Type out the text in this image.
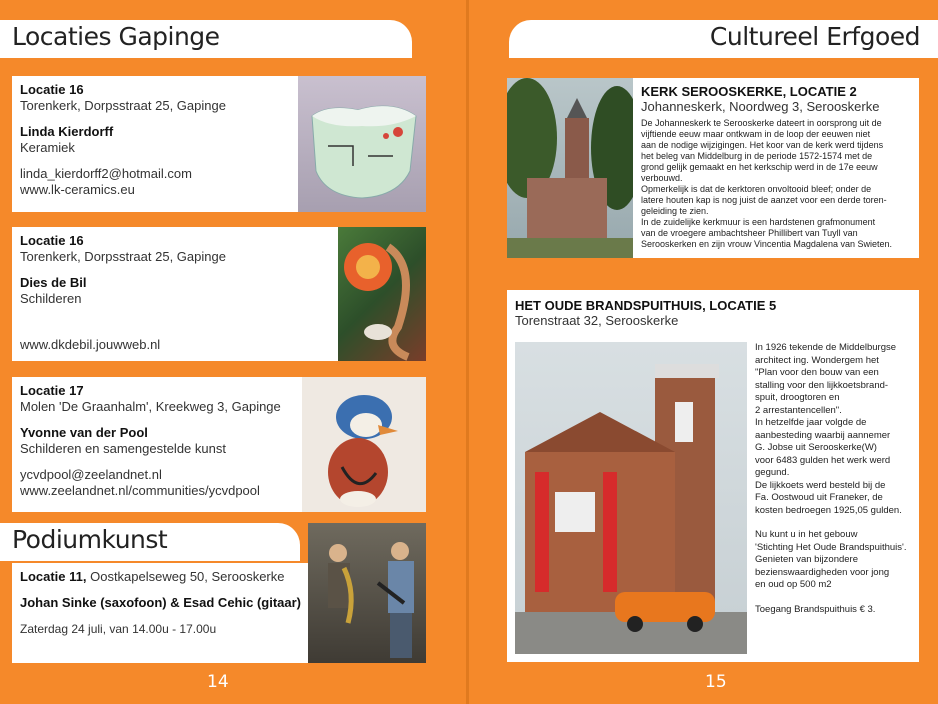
Locaties Gapinge
Locatie 16
Torenkerk, Dorpsstraat 25, Gapinge
Linda Kierdorff
Keramiek
linda_kierdorff2@hotmail.com
www.lk-ceramics.eu
Locatie 16
Torenkerk, Dorpsstraat 25, Gapinge
Dies de Bil
Schilderen
www.dkdebil.jouwweb.nl
Locatie 17
Molen 'De Graanhalm', Kreekweg 3, Gapinge
Yvonne van der Pool
Schilderen en samengestelde kunst
ycvdpool@zeelandnet.nl
www.zeelandnet.nl/communities/ycvdpool
Podiumkunst
Locatie 11, Oostkapelseweg 50, Serooskerke
Johan Sinke (saxofoon) & Esad Cehic (gitaar)
Zaterdag 24 juli, van 14.00u - 17.00u
14
Cultureel Erfgoed
KERK SEROOSKERKE, LOCATIE 2
Johanneskerk, Noordweg 3, Serooskerke
De Johanneskerk te Serooskerke dateert in oorsprong uit de
vijftiende eeuw maar ontkwam in de loop der eeuwen niet
aan de nodige wijzigingen. Het koor van de kerk werd tijdens
het beleg van Middelburg in de periode 1572-1574 met de
grond gelijk gemaakt en het kerkschip werd in de 17e eeuw
verbouwd.
Opmerkelijk is dat de kerktoren onvoltooid bleef; onder de
latere houten kap is nog juist de aanzet voor een derde toren-
geleiding te zien.
In de zuidelijke kerkmuur is een hardstenen grafmonument
van de vroegere ambachtsheer Phillibert van Tuyll van
Serooskerken en zijn vrouw Vincentia Magdalena van Swieten.
HET OUDE BRANDSPUITHUIS, LOCATIE 5
Torenstraat 32, Serooskerke
In 1926 tekende de Middelburgse
architect ing. Wondergem het
"Plan voor den bouw van een
stalling voor den lijkkoetsbrand-
spuit, droogtoren en
2 arrestantencellen".
In hetzelfde jaar volgde de
aanbesteding waarbij aannemer
G. Jobse uit Serooskerke(W)
voor 6483 gulden het werk werd
gegund.
De lijkkoets werd besteld bij de
Fa. Oostwoud uit Franeker, de
kosten bedroegen 1925,05 gulden.
Nu kunt u in het gebouw
'Stichting Het Oude Brandspuithuis'.
Genieten van bijzondere
bezienswaardigheden voor jong
en oud op 500 m2
Toegang Brandspuithuis € 3.
15
